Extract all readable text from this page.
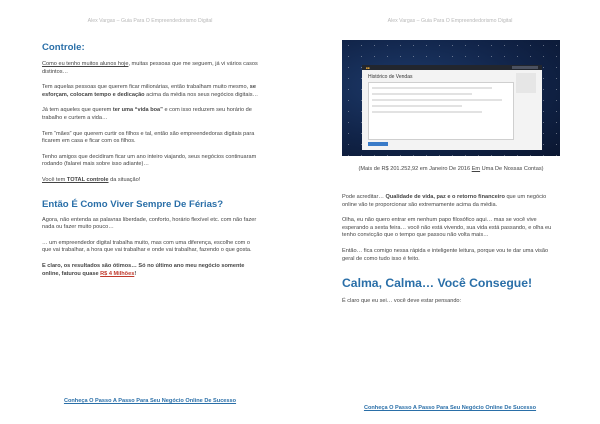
Alex Vargas – Guia Para O Empreendedorismo Digital
Controle:

Como eu tenho muitos alunos hoje, muitas pessoas que me seguem, já vi vários casos distintos…

Tem aquelas pessoas que querem ficar milionárias, então trabalham muito mesmo, se esforçam, colocam tempo e dedicação acima da média nos seus negócios digitais…

Já tem aqueles que querem ter uma “vida boa” e com isso reduzem seu horário de trabalho e curtem a vida…

Tem “mães” que querem curtir os filhos e tal, então são empreendedoras digitais para ficarem em casa e ficar com os filhos.

Tenho amigos que decidiram ficar um ano inteiro viajando, seus negócios continuaram rodando (falarei mais sobre isso adiante)…

Você tem TOTAL controle da situação!

Então É Como Viver Sempre De Férias?

Agora, não entenda as palavras liberdade, conforto, horário flexível etc. com não fazer nada ou fazer muito pouco…

… um empreendedor digital trabalha muito, mas com uma diferença, escolhe com o que vai trabalhar, a hora que vai trabalhar e onde vai trabalhar, fazendo o que gosta.

E claro, os resultados são ótimos… Só no último ano meu negócio somente online, faturou quase R$ 4 Milhões!

Conheça O Passo A Passo Para Seu Negócio Online De Sucesso
Alex Vargas – Guia Para O Empreendedorismo Digital
■■
Histórico de Vendas
(Mais de R$ 201.252,92 em Janeiro De 2016 Em Uma De Nossas Contas)

Pode acreditar… Qualidade de vida, paz e o retorno financeiro que um negócio online vão te proporcionar são extremamente acima da média.

Olha, eu não quero entrar em nenhum papo filosófico aqui… mas se você vive esperando a sexta feira… você não está vivendo, sua vida está passando, e olha eu tenho convicção que o tempo que passou não volta mais…

Então… fica comigo nessa rápida e inteligente leitura, porque vou te dar uma visão geral de como tudo isso é feito.

Calma, Calma… Você Consegue!

É claro que eu sei… você deve estar pensando:

Conheça O Passo A Passo Para Seu Negócio Online De Sucesso
